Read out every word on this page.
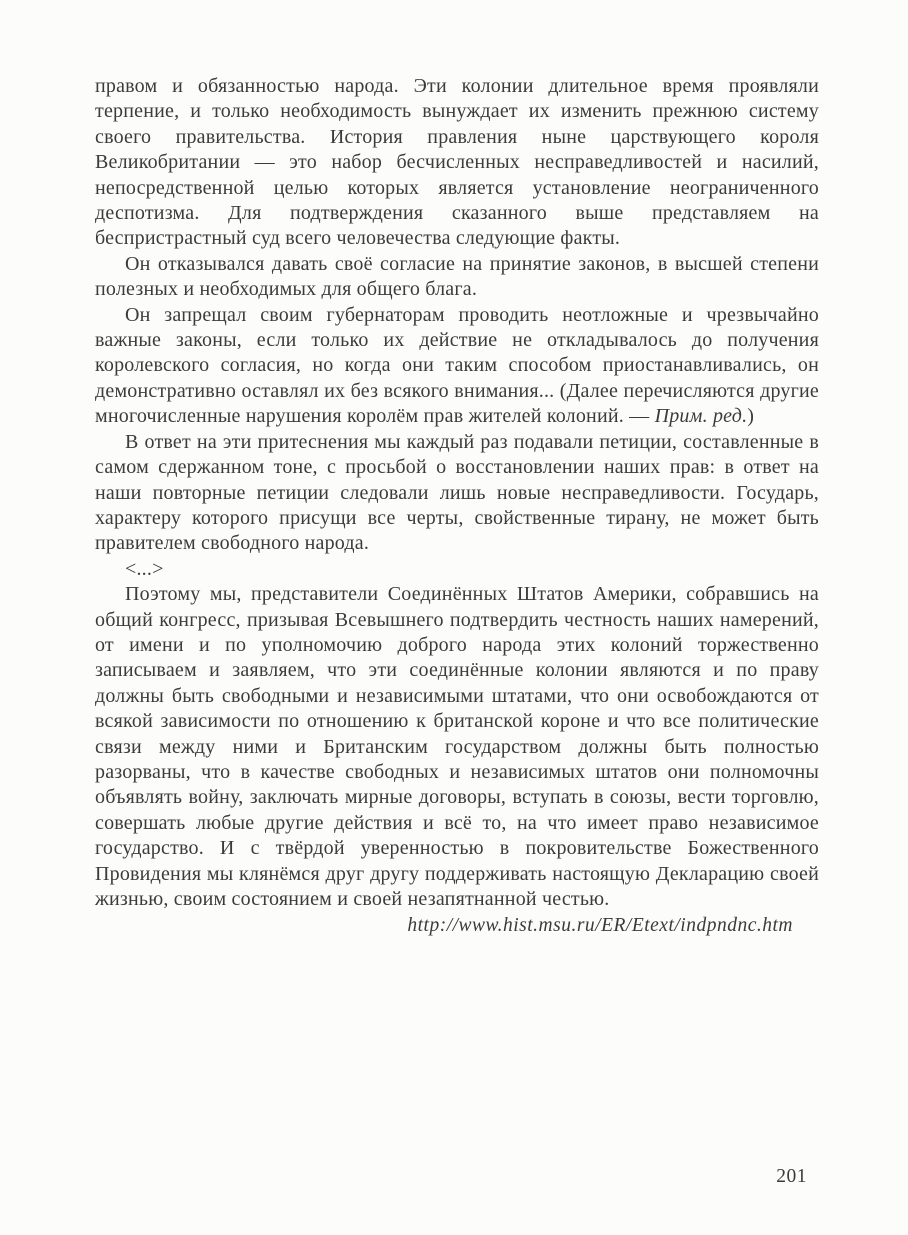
правом и обязанностью народа. Эти колонии длительное время проявляли терпение, и только необходимость вынуждает их изменить прежнюю систему своего правительства. История правления ныне царствующего короля Великобритании — это набор бесчисленных несправедливостей и насилий, непосредственной целью которых является установление неограниченного деспотизма. Для подтверждения сказанного выше представляем на беспристрастный суд всего человечества следующие факты.

Он отказывался давать своё согласие на принятие законов, в высшей степени полезных и необходимых для общего блага.

Он запрещал своим губернаторам проводить неотложные и чрезвычайно важные законы, если только их действие не откладывалось до получения королевского согласия, но когда они таким способом приостанавливались, он демонстративно оставлял их без всякого внимания... (Далее перечисляются другие многочисленные нарушения королём прав жителей колоний. — Прим. ред.)

В ответ на эти притеснения мы каждый раз подавали петиции, составленные в самом сдержанном тоне, с просьбой о восстановлении наших прав: в ответ на наши повторные петиции следовали лишь новые несправедливости. Государь, характеру которого присущи все черты, свойственные тирану, не может быть правителем свободного народа.

<...>

Поэтому мы, представители Соединённых Штатов Америки, собравшись на общий конгресс, призывая Всевышнего подтвердить честность наших намерений, от имени и по уполномочию доброго народа этих колоний торжественно записываем и заявляем, что эти соединённые колонии являются и по праву должны быть свободными и независимыми штатами, что они освобождаются от всякой зависимости по отношению к британской короне и что все политические связи между ними и Британским государством должны быть полностью разорваны, что в качестве свободных и независимых штатов они полномочны объявлять войну, заключать мирные договоры, вступать в союзы, вести торговлю, совершать любые другие действия и всё то, на что имеет право независимое государство. И с твёрдой уверенностью в покровительстве Божественного Провидения мы клянёмся друг другу поддерживать настоящую Декларацию своей жизнью, своим состоянием и своей незапятнанной честью.

http://www.hist.msu.ru/ER/Etext/indpndnc.htm

201
